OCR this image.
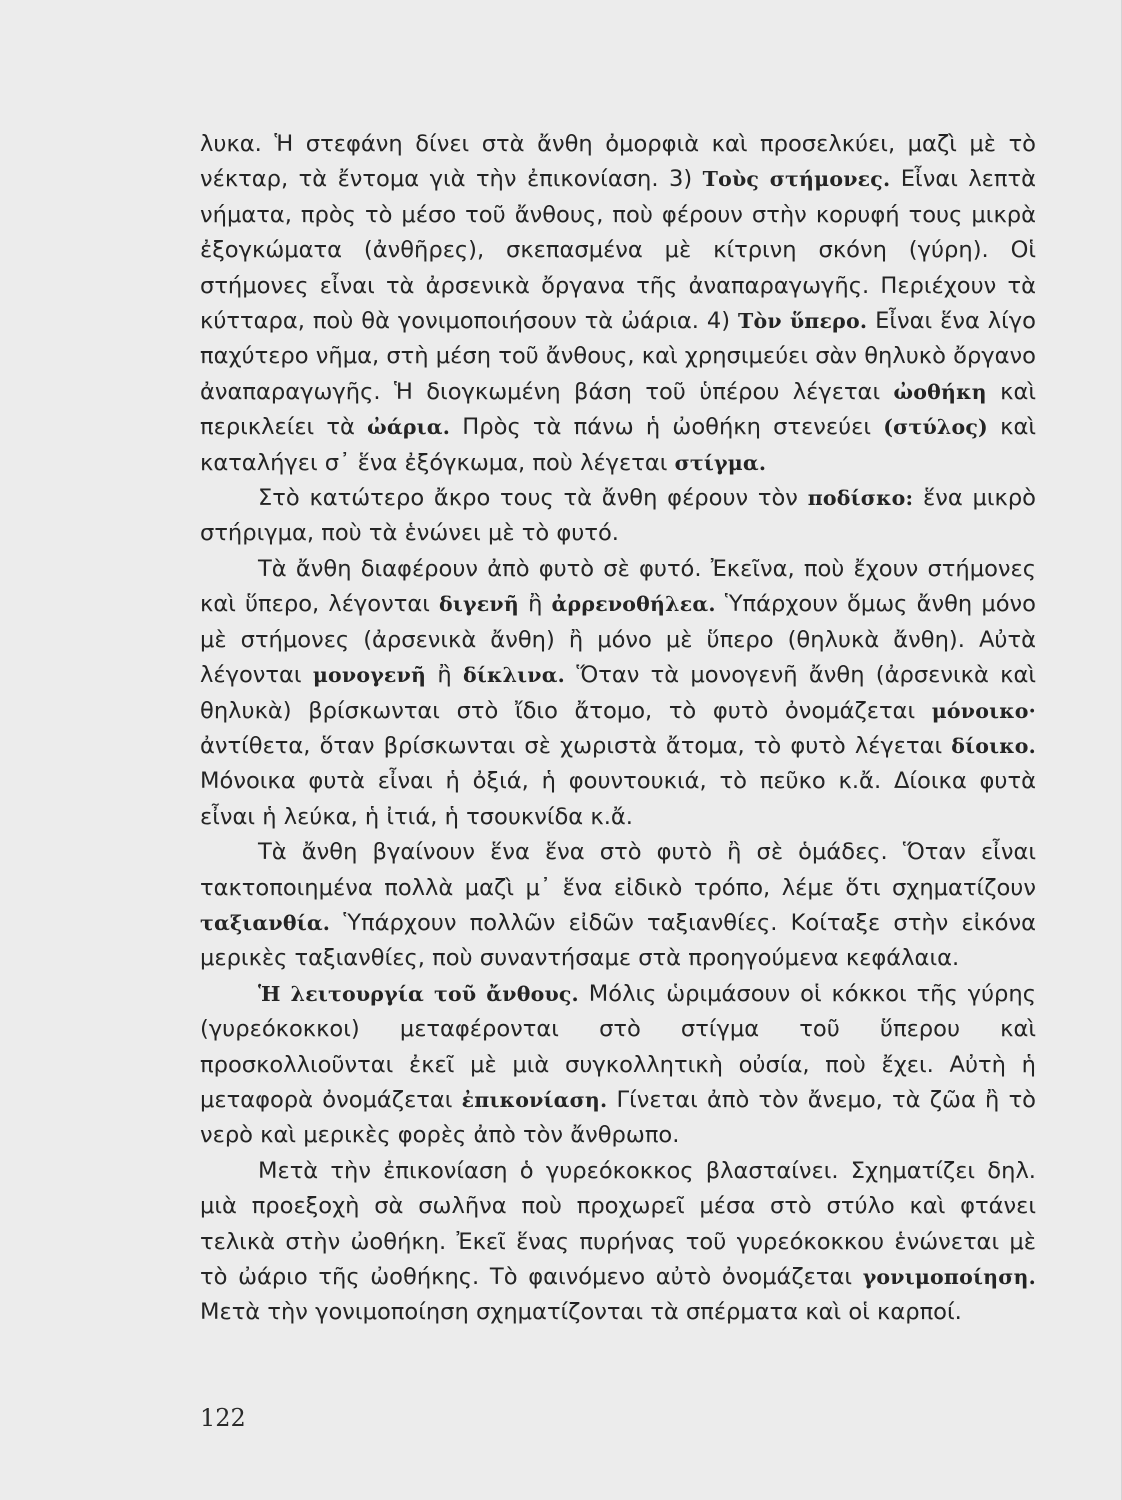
λυκα. Ἡ στεφάνη δίνει στὰ ἄνθη ὀμορφιὰ καὶ προσελκύει, μαζὶ μὲ τὸ νέκταρ, τὰ ἔντομα γιὰ τὴν ἐπικονίαση. 3) Τοὺς στήμονες. Εἶναι λεπτὰ νήματα, πρὸς τὸ μέσο τοῦ ἄνθους, ποὺ φέρουν στὴν κορυφή τους μικρὰ ἐξογκώματα (ἀνθῆρες), σκεπασμένα μὲ κίτρινη σκόνη (γύρη). Οἱ στήμονες εἶναι τὰ ἀρσενικὰ ὄργανα τῆς ἀναπαραγωγῆς. Περιέχουν τὰ κύτταρα, ποὺ θὰ γονιμοποιήσουν τὰ ὠάρια. 4) Τὸν ὕπερο. Εἶναι ἕνα λίγο παχύτερο νῆμα, στὴ μέση τοῦ ἄνθους, καὶ χρησιμεύει σὰν θηλυκὸ ὄργανο ἀναπαραγωγῆς. Ἡ διογκωμένη βάση τοῦ ὑπέρου λέγεται ὠοθήκη καὶ περικλείει τὰ ὠάρια. Πρὸς τὰ πάνω ἡ ὠοθήκη στενεύει (στύλος) καὶ καταλήγει σ᾿ ἕνα ἐξόγκωμα, ποὺ λέγεται στίγμα.

Στὸ κατώτερο ἄκρο τους τὰ ἄνθη φέρουν τὸν ποδίσκο: ἕνα μικρὸ στήριγμα, ποὺ τὰ ἑνώνει μὲ τὸ φυτό.

Τὰ ἄνθη διαφέρουν ἀπὸ φυτὸ σὲ φυτό. Ἐκεῖνα, ποὺ ἔχουν στήμονες καὶ ὕπερο, λέγονται διγενῆ ἢ ἀρρενοθήλεα. Ὑπάρχουν ὅμως ἄνθη μόνο μὲ στήμονες (ἀρσενικὰ ἄνθη) ἢ μόνο μὲ ὕπερο (θηλυκὰ ἄνθη). Αὐτὰ λέγονται μονογενῆ ἢ δίκλινα. Ὅταν τὰ μονογενῆ ἄνθη (ἀρσενικὰ καὶ θηλυκὰ) βρίσκωνται στὸ ἴδιο ἄτομο, τὸ φυτὸ ὀνομάζεται μόνοικο· ἀντίθετα, ὅταν βρίσκωνται σὲ χωριστὰ ἄτομα, τὸ φυτὸ λέγεται δίοικο. Μόνοικα φυτὰ εἶναι ἡ ὀξιά, ἡ φουντουκιά, τὸ πεῦκο κ.ἄ. Δίοικα φυτὰ εἶναι ἡ λεύκα, ἡ ἰτιά, ἡ τσουκνίδα κ.ἄ.

Τὰ ἄνθη βγαίνουν ἕνα ἕνα στὸ φυτὸ ἢ σὲ ὁμάδες. Ὅταν εἶναι τακτοποιημένα πολλὰ μαζὶ μ᾿ ἕνα εἰδικὸ τρόπο, λέμε ὅτι σχηματίζουν ταξιανθία. Ὑπάρχουν πολλῶν εἰδῶν ταξιανθίες. Κοίταξε στὴν εἰκόνα μερικὲς ταξιανθίες, ποὺ συναντήσαμε στὰ προηγούμενα κεφάλαια.

Ἡ λειτουργία τοῦ ἄνθους. Μόλις ὡριμάσουν οἱ κόκκοι τῆς γύρης (γυρεόκοκκοι) μεταφέρονται στὸ στίγμα τοῦ ὕπερου καὶ προσκολλιοῦνται ἐκεῖ μὲ μιὰ συγκολλητικὴ οὐσία, ποὺ ἔχει. Αὐτὴ ἡ μεταφορὰ ὀνομάζεται ἐπικονίαση. Γίνεται ἀπὸ τὸν ἄνεμο, τὰ ζῶα ἢ τὸ νερὸ καὶ μερικὲς φορὲς ἀπὸ τὸν ἄνθρωπο.

Μετὰ τὴν ἐπικονίαση ὁ γυρεόκοκκος βλασταίνει. Σχηματίζει δηλ. μιὰ προεξοχὴ σὰ σωλῆνα ποὺ προχωρεῖ μέσα στὸ στύλο καὶ φτάνει τελικὰ στὴν ὠοθήκη. Ἐκεῖ ἕνας πυρήνας τοῦ γυρεόκοκκου ἑνώνεται μὲ τὸ ὠάριο τῆς ὠοθήκης. Τὸ φαινόμενο αὐτὸ ὀνομάζεται γονιμοποίηση. Μετὰ τὴν γονιμοποίηση σχηματίζονται τὰ σπέρματα καὶ οἱ καρποί.

122
